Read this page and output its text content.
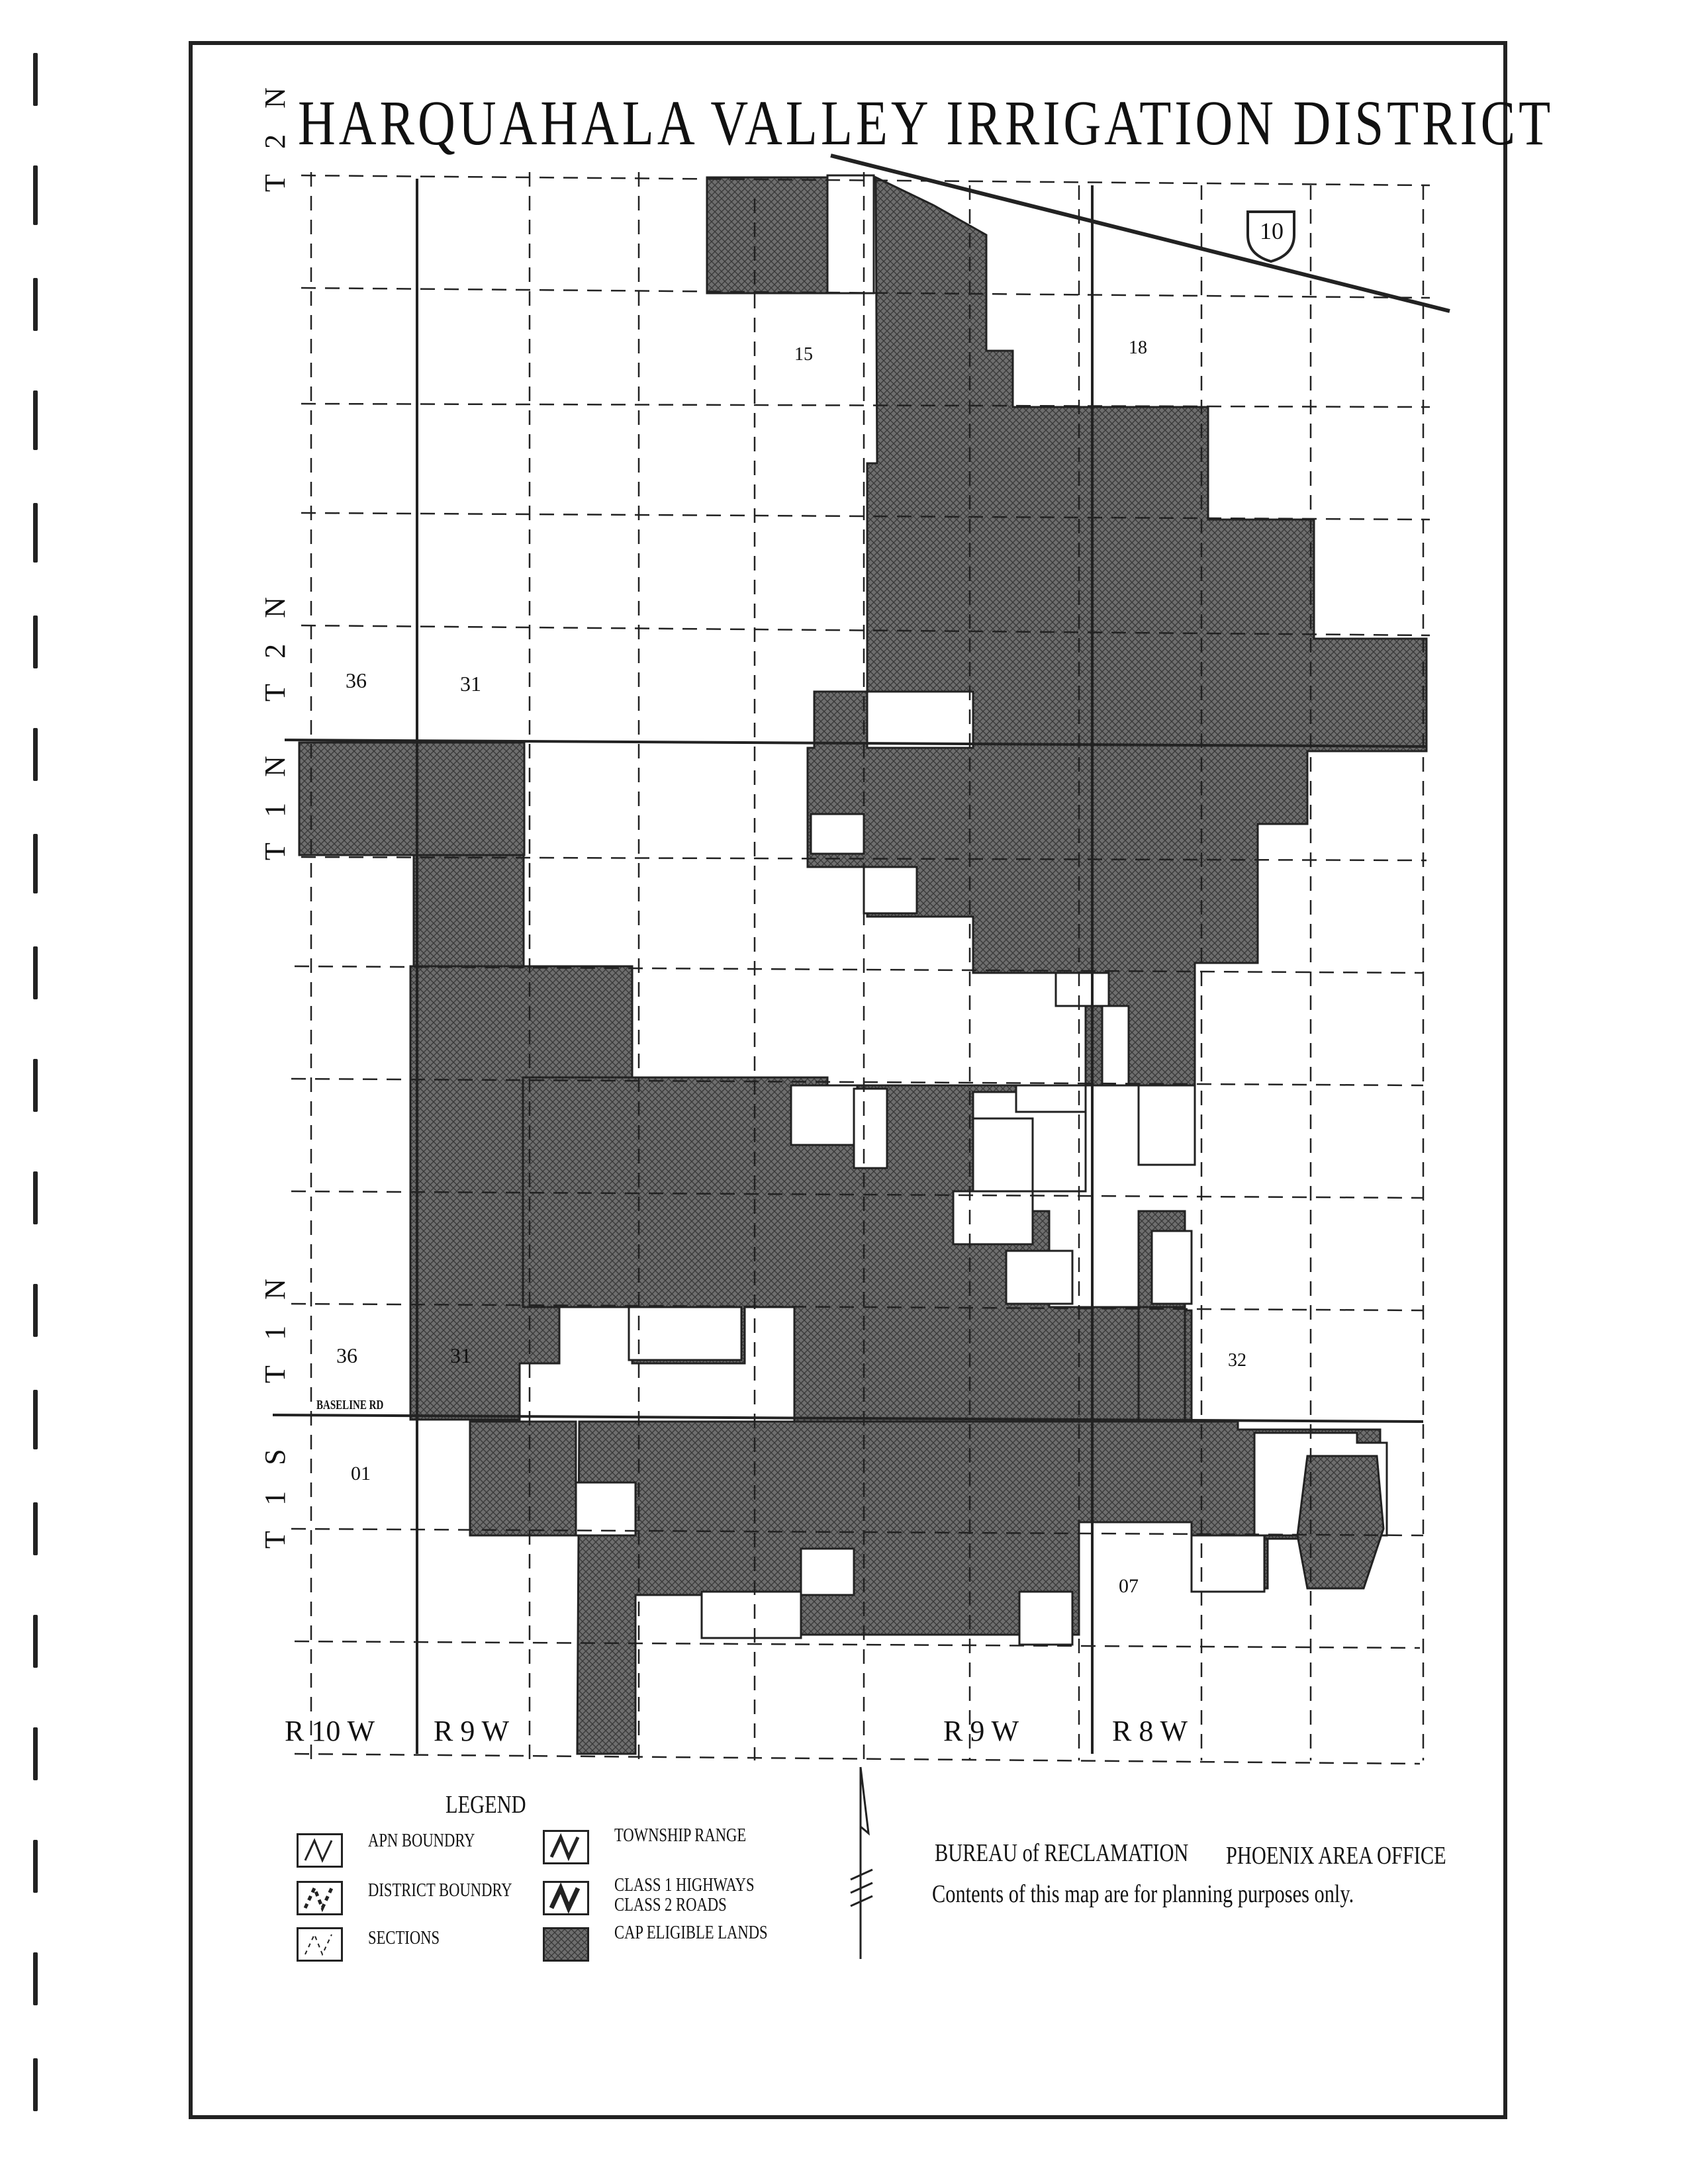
HARQUAHALA VALLEY IRRIGATION DISTRICT
T 2 N
T 2 N
T 1 N
T 1 N
T 1 S
R 10 W R 9 W	R 9 W	R 8 W
10
15	18
36	31
36	31	32
01
07
BASELINE RD
LEGEND
APN BOUNDRY
DISTRICT BOUNDRY
SECTIONS
TOWNSHIP RANGE
CLASS 1 HIGHWAYS
CLASS 2 ROADS
CAP ELIGIBLE LANDS
BUREAU of RECLAMATION PHOENIX AREA OFFICE
Contents of this map are for planning purposes only.
